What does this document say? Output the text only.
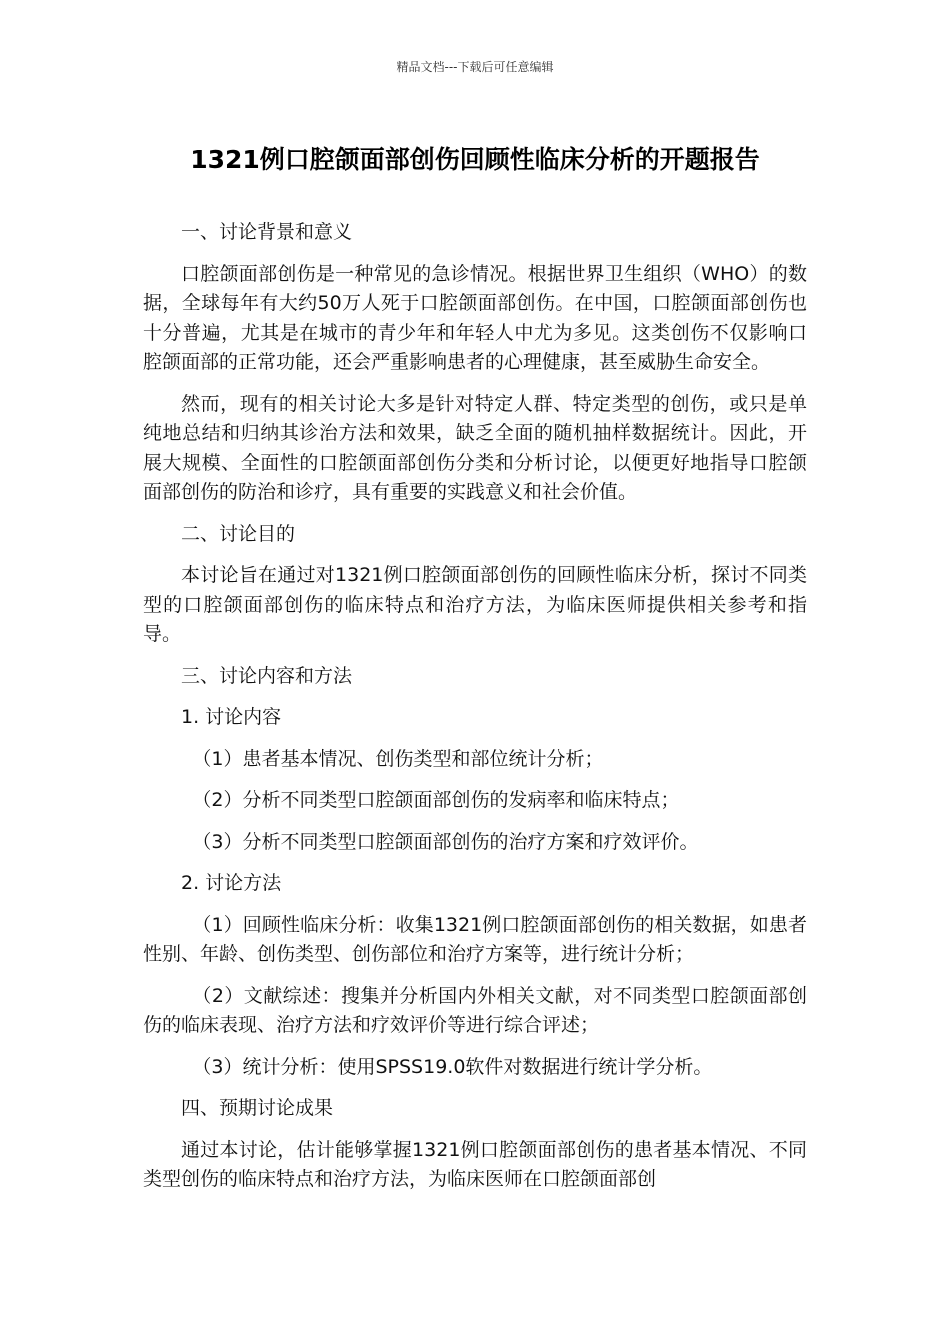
精品文档---下载后可任意编辑
1321例口腔颌面部创伤回顾性临床分析的开题报告

一、讨论背景和意义

口腔颌面部创伤是一种常见的急诊情况。根据世界卫生组织（WHO）的数据，全球每年有大约50万人死于口腔颌面部创伤。在中国，口腔颌面部创伤也十分普遍，尤其是在城市的青少年和年轻人中尤为多见。这类创伤不仅影响口腔颌面部的正常功能，还会严重影响患者的心理健康，甚至威胁生命安全。

然而，现有的相关讨论大多是针对特定人群、特定类型的创伤，或只是单纯地总结和归纳其诊治方法和效果，缺乏全面的随机抽样数据统计。因此，开展大规模、全面性的口腔颌面部创伤分类和分析讨论，以便更好地指导口腔颌面部创伤的防治和诊疗，具有重要的实践意义和社会价值。

二、讨论目的

本讨论旨在通过对1321例口腔颌面部创伤的回顾性临床分析，探讨不同类型的口腔颌面部创伤的临床特点和治疗方法，为临床医师提供相关参考和指导。

三、讨论内容和方法

1. 讨论内容

（1）患者基本情况、创伤类型和部位统计分析；

（2）分析不同类型口腔颌面部创伤的发病率和临床特点；

（3）分析不同类型口腔颌面部创伤的治疗方案和疗效评价。

2. 讨论方法

（1）回顾性临床分析：收集1321例口腔颌面部创伤的相关数据，如患者性别、年龄、创伤类型、创伤部位和治疗方案等，进行统计分析；

（2）文献综述：搜集并分析国内外相关文献，对不同类型口腔颌面部创伤的临床表现、治疗方法和疗效评价等进行综合评述；

（3）统计分析：使用SPSS19.0软件对数据进行统计学分析。

四、预期讨论成果

通过本讨论，估计能够掌握1321例口腔颌面部创伤的患者基本情况、不同类型创伤的临床特点和治疗方法，为临床医师在口腔颌面部创
